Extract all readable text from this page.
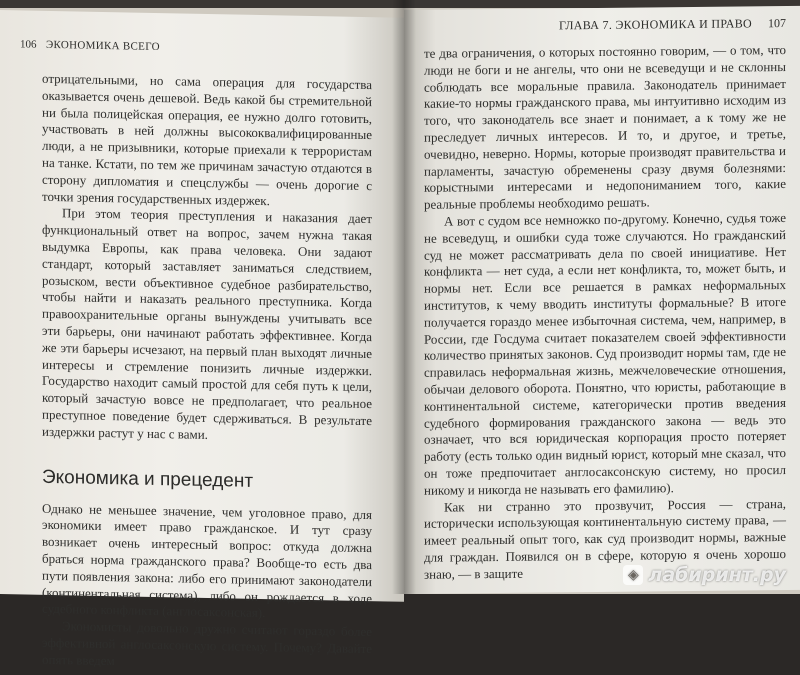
106 ЭКОНОМИКА ВСЕГО

отрицательными, но сама операция для государства оказывается очень дешевой. Ведь какой бы стремительной ни была полицейская операция, ее нужно долго готовить, участвовать в ней должны высококвалифицированные люди, а не призывники, которые приехали к террористам на танке. Кстати, по тем же причинам зачастую отдаются в сторону дипломатия и спецслужбы — очень дорогие с точки зрения государственных издержек.

При этом теория преступления и наказания дает функциональный ответ на вопрос, зачем нужна такая выдумка Европы, как права человека. Они задают стандарт, который заставляет заниматься следствием, розыском, вести объективное судебное разбирательство, чтобы найти и наказать реального преступника. Когда правоохранительные органы вынуждены учитывать все эти барьеры, они начинают работать эффективнее. Когда же эти барьеры исчезают, на первый план выходят личные интересы и стремление понизить личные издержки. Государство находит самый простой для себя путь к цели, который зачастую вовсе не предполагает, что реальное преступное поведение будет сдерживаться. В результате издержки растут у нас с вами.

Экономика и прецедент

Однако не меньшее значение, чем уголовное право, для экономики имеет право гражданское. И тут сразу возникает очень интересный вопрос: откуда должна браться норма гражданского права? Вообще-то есть два пути появления закона: либо его принимают законодатели (континентальная система), либо он рождается в ходе судебного конфликта (англосаксонская).

Экономисты довольно дружно считают гораздо более эффективной англосаксонскую систему. Почему? Давайте опять введем

ГЛАВА 7. ЭКОНОМИКА И ПРАВО 107

те два ограничения, о которых постоянно говорим, — о том, что люди не боги и не ангелы, что они не всеведущи и не склонны соблюдать все моральные правила. Законодатель принимает какие-то нормы гражданского права, мы интуитивно исходим из того, что законодатель все знает и понимает, а к тому же не преследует личных интересов. И то, и другое, и третье, очевидно, неверно. Нормы, которые производят правительства и парламенты, зачастую обременены сразу двумя болезнями: корыстными интересами и недопониманием того, какие реальные проблемы необходимо решать.

А вот с судом все немножко по-другому. Конечно, судья тоже не всеведущ, и ошибки суда тоже случаются. Но гражданский суд не может рассматривать дела по своей инициативе. Нет конфликта — нет суда, а если нет конфликта, то, может быть, и нормы нет. Если все решается в рамках неформальных институтов, к чему вводить институты формальные? В итоге получается гораздо менее избыточная система, чем, например, в России, где Госдума считает показателем своей эффективности количество принятых законов. Суд производит нормы там, где не справилась неформальная жизнь, межчеловеческие отношения, обычаи делового оборота. Понятно, что юристы, работающие в континентальной системе, категорически против введения судебного формирования гражданского закона — ведь это означает, что вся юридическая корпорация просто потеряет работу (есть только один видный юрист, который мне сказал, что он тоже предпочитает англосаксонскую систему, но просил никому и никогда не называть его фамилию).

Как ни странно это прозвучит, Россия — страна, исторически использующая континентальную систему права, — имеет реальный опыт того, как суд производит нормы, важные для граждан. Появился он в сфере, которую я очень хорошо знаю, — в защите	◈ лабиринт.ру
